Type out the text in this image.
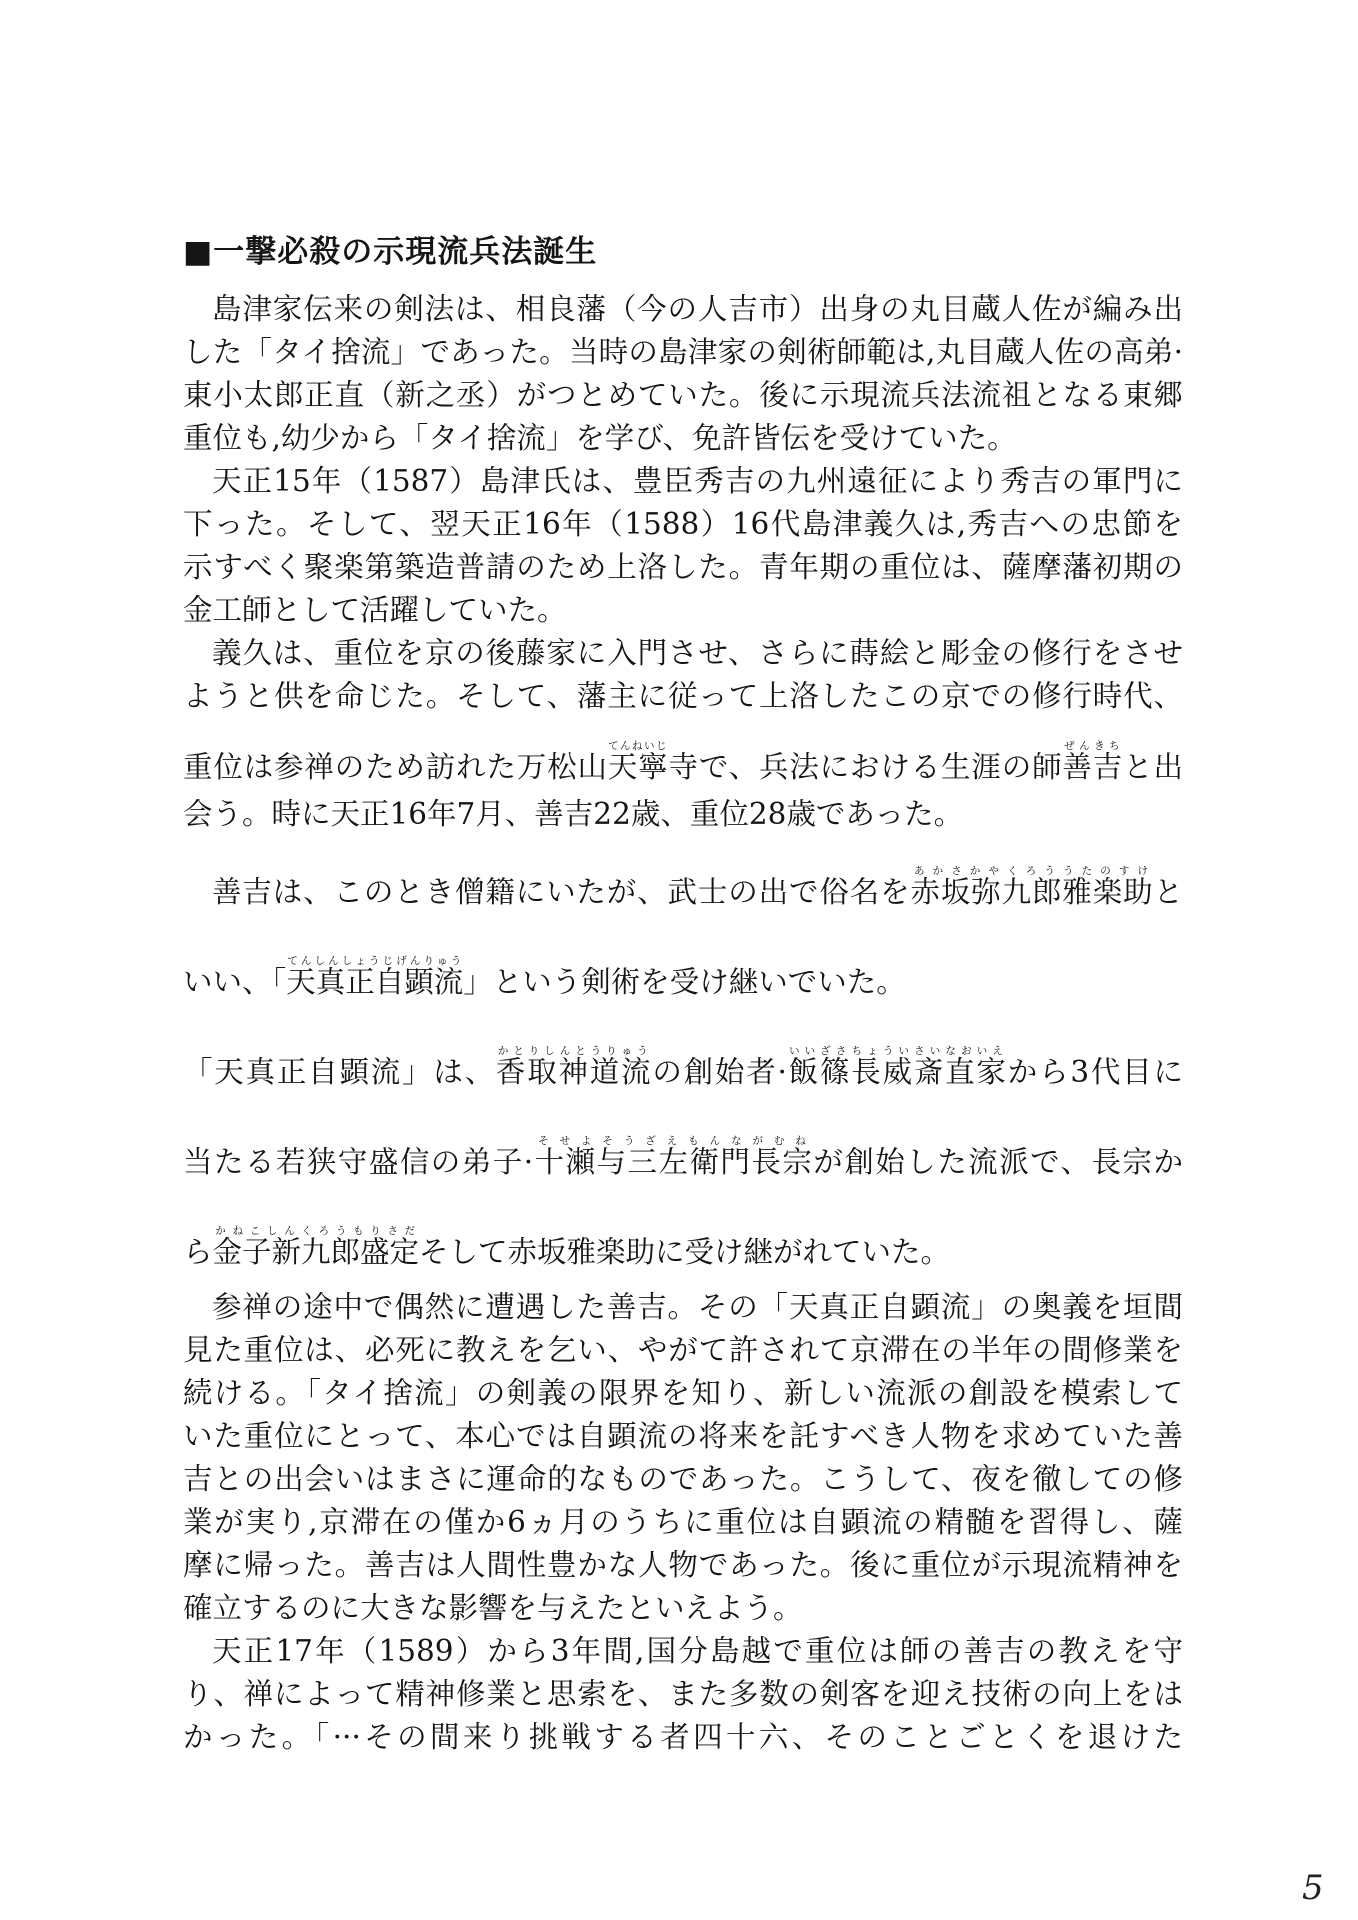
■一撃必殺の示現流兵法誕生
島津家伝来の剣法は、相良藩（今の人吉市）出身の丸目蔵人佐が編み出
した「タイ捨流」であった。当時の島津家の剣術師範は,丸目蔵人佐の高弟·
東小太郎正直（新之丞）がつとめていた。後に示現流兵法流祖となる東郷
重位も,幼少から「タイ捨流」を学び、免許皆伝を受けていた。
天正15年（1587）島津氏は、豊臣秀吉の九州遠征により秀吉の軍門に
下った。そして、翌天正16年（1588）16代島津義久は,秀吉への忠節を
示すべく聚楽第築造普請のため上洛した。青年期の重位は、薩摩藩初期の
金工師として活躍していた。
義久は、重位を京の後藤家に入門させ、さらに蒔絵と彫金の修行をさせ
ようと供を命じた。そして、藩主に従って上洛したこの京での修行時代、
重位は参禅のため訪れた万松山天寧てんねいじ寺で、兵法における生涯の師善吉ぜんきちと出
会う。時に天正16年7月、善吉22歳、重位28歳であった。
善吉は、このとき僧籍にいたが、武士の出で俗名を赤坂弥九郎雅楽助あかさかやくろううたのすけと
いい、「天真正自顕流てんしんしょうじげんりゅう」という剣術を受け継いでいた。
「天真正自顕流」は、香取神道流かとりしんとうりゅうの創始者·飯篠長威斎直家いいざさちょういさいなおいえから3代目に
当たる若狭守盛信の弟子·十瀬与三左衛門長宗そせよそうざえもんながむねが創始した流派で、長宗か
ら金子新九郎盛定かねこしんくろうもりさだそして赤坂雅楽助に受け継がれていた。
参禅の途中で偶然に遭遇した善吉。その「天真正自顕流」の奥義を垣間
見た重位は、必死に教えを乞い、やがて許されて京滞在の半年の間修業を
続ける。「タイ捨流」の剣義の限界を知り、新しい流派の創設を模索して
いた重位にとって、本心では自顕流の将来を託すべき人物を求めていた善
吉との出会いはまさに運命的なものであった。こうして、夜を徹しての修
業が実り,京滞在の僅か6ヵ月のうちに重位は自顕流の精髄を習得し、薩
摩に帰った。善吉は人間性豊かな人物であった。後に重位が示現流精神を
確立するのに大きな影響を与えたといえよう。
天正17年（1589）から3年間,国分島越で重位は師の善吉の教えを守
り、禅によって精神修業と思索を、また多数の剣客を迎え技術の向上をは
かった。「···その間来り挑戦する者四十六、そのことごとくを退けた
5
